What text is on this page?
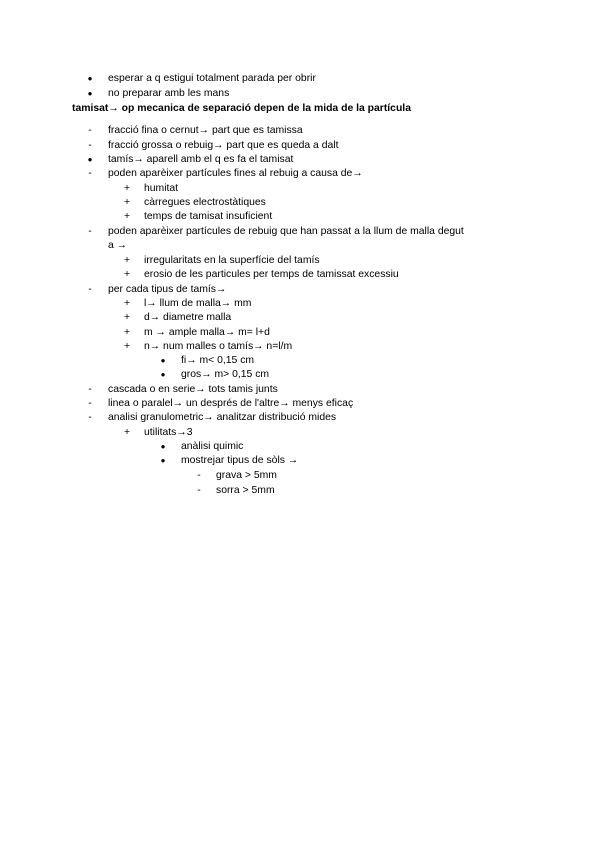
●	esperar a q estigui totalment parada per obrir
●	no preparar amb les mans
tamisat→ op mecanica de separació depen de la mida de la partícula
-	fracció fina o cernut→ part que es tamissa
-	fracció grossa o rebuig→ part que es queda a dalt
●	tamís→ aparell amb el q es fa el tamisat
-	poden aparèixer partícules fines al rebuig a causa de→
+ humitat
+ càrregues electrostàtiques
+ temps de tamisat insuficient
-	poden aparèixer partícules de rebuig que han passat a la llum de malla degut
a →
+ irregularitats en la superfície del tamís
+ erosio de les particules per temps de tamissat excessiu
-	per cada tipus de tamís→
+ l→ llum de malla→ mm
+ d→ diametre malla
+ m → ample malla→ m= l+d
+ n→ num malles o tamís→ n=l/m
●	fi→ m< 0,15 cm
●	gros→ m> 0,15 cm
-	cascada o en serie→ tots tamis junts
-	linea o paralel→ un després de l'altre→ menys eficaç
-	analisi granulometric→ analitzar distribució mides
+ utilitats→3
●	anàlisi quimic
●	mostrejar tipus de sòls →
-	grava > 5mm
-	sorra > 5mm
